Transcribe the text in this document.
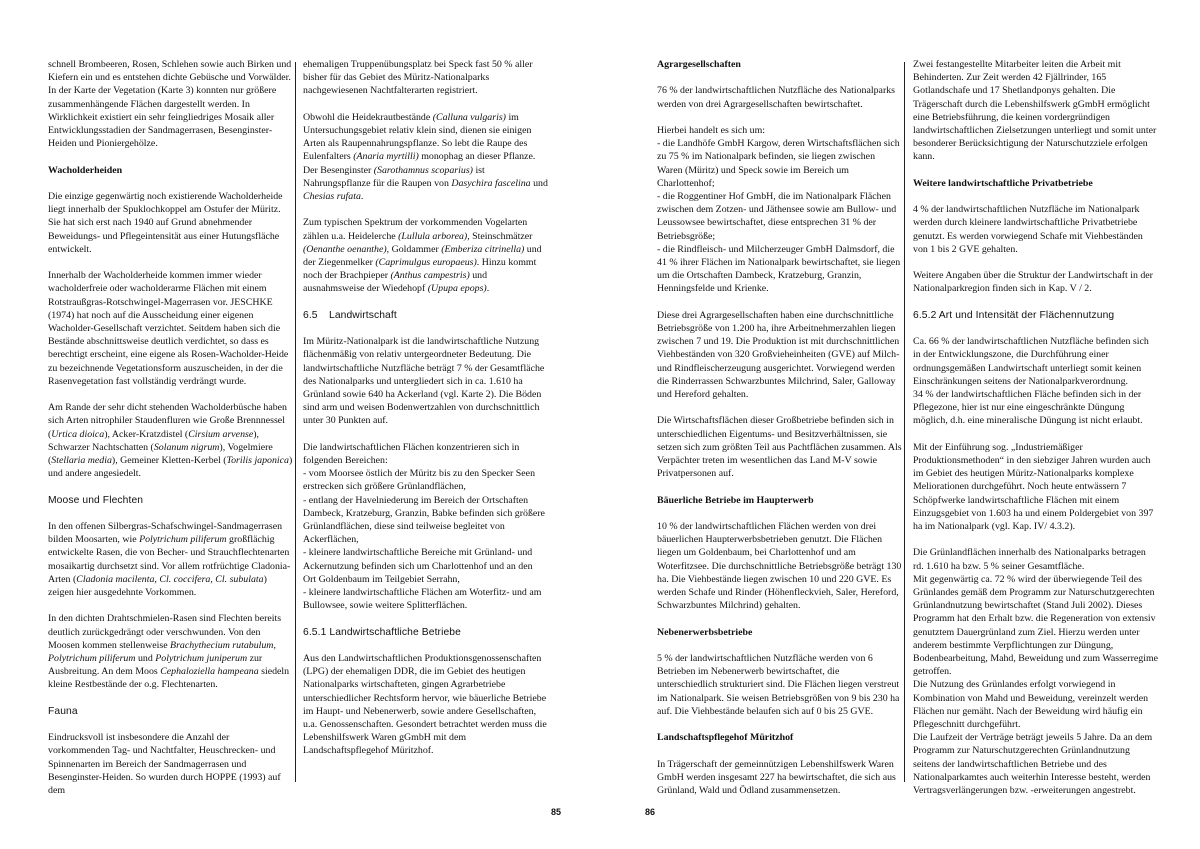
schnell Brombeeren, Rosen, Schlehen sowie auch Birken und Kiefern ein und es entstehen dichte Gebüsche und Vorwälder. In der Karte der Vegetation (Karte 3) konnten nur größere zusammenhängende Flächen dargestellt werden. In Wirklichkeit existiert ein sehr feingliedriges Mosaik aller Entwicklungsstadien der Sandmagerrasen, Besenginster-Heiden und Pioniergehölze.

Wacholderheiden

Die einzige gegenwärtig noch existierende Wacholderheide liegt innerhalb der Spuklochkoppel am Ostufer der Müritz. Sie hat sich erst nach 1940 auf Grund abnehmender Beweidungs- und Pflegeintensität aus einer Hutungsfläche entwickelt.

Innerhalb der Wacholderheide kommen immer wieder wacholderfreie oder wacholderarme Flächen mit einem Rotstraußgras-Rotschwingel-Magerrasen vor. JESCHKE (1974) hat noch auf die Ausscheidung einer eigenen Wacholder-Gesellschaft verzichtet. Seitdem haben sich die Bestände abschnittsweise deutlich verdichtet, so dass es berechtigt erscheint, eine eigene als Rosen-Wacholder-Heide zu bezeichnende Vegetationsform auszuscheiden, in der die Rasenvegetation fast vollständig verdrängt wurde.

Am Rande der sehr dicht stehenden Wacholderbüsche haben sich Arten nitrophiler Staudenfluren wie Große Brennnessel (Urtica dioica), Acker-Kratzdistel (Cirsium arvense), Schwarzer Nachtschatten (Solanum nigrum), Vogelmiere (Stellaria media), Gemeiner Kletten-Kerbel (Torilis japonica) und andere angesiedelt.

Moose und Flechten

In den offenen Silbergras-Schafschwingel-Sandmagerrasen bilden Moosarten, wie Polytrichum piliferum großflächig entwickelte Rasen, die von Becher- und Strauchflechtenarten mosaikartig durchsetzt sind. Vor allem rotfrüchtige Cladonia-Arten (Cladonia macilenta, Cl. coccifera, Cl. subulata) zeigen hier ausgedehnte Vorkommen.

In den dichten Drahtschmielen-Rasen sind Flechten bereits deutlich zurückgedrängt oder verschwunden. Von den Moosen kommen stellenweise Brachythecium rutabulum, Polytrichum piliferum und Polytrichum juniperum zur Ausbreitung. An dem Moos Cephaloziella hampeana siedeln kleine Restbestände der o.g. Flechtenarten.

Fauna

Eindrucksvoll ist insbesondere die Anzahl der vorkommenden Tag- und Nachtfalter, Heuschrecken- und Spinnenarten im Bereich der Sandmagerrasen und Besenginster-Heiden. So wurden durch HOPPE (1993) auf dem

ehemaligen Truppenübungsplatz bei Speck fast 50 % aller bisher für das Gebiet des Müritz-Nationalparks nachgewiesenen Nachtfalterarten registriert.

Obwohl die Heidekrautbestände (Calluna vulgaris) im Untersuchungsgebiet relativ klein sind, dienen sie einigen Arten als Raupennahrungspflanze. So lebt die Raupe des Eulenfalters (Anaria myrtilli) monophag an dieser Pflanze. Der Besenginster (Sarothamnus scoparius) ist Nahrungspflanze für die Raupen von Dasychira fascelina und Chesias rufata.

Zum typischen Spektrum der vorkommenden Vogelarten zählen u.a. Heidelerche (Lullula arborea), Steinschmätzer (Oenanthe oenanthe), Goldammer (Emberiza citrinella) und der Ziegenmelker (Caprimulgus europaeus). Hinzu kommt noch der Brachpieper (Anthus campestris) und ausnahmsweise der Wiedehopf (Upupa epops).

6.5 Landwirtschaft

Im Müritz-Nationalpark ist die landwirtschaftliche Nutzung flächenmäßig von relativ untergeordneter Bedeutung. Die landwirtschaftliche Nutzfläche beträgt 7 % der Gesamtfläche des Nationalparks und untergliedert sich in ca. 1.610 ha Grünland sowie 640 ha Ackerland (vgl. Karte 2). Die Böden sind arm und weisen Bodenwertzahlen von durchschnittlich unter 30 Punkten auf.

Die landwirtschaftlichen Flächen konzentrieren sich in folgenden Bereichen:
- vom Moorsee östlich der Müritz bis zu den Specker Seen erstrecken sich größere Grünlandflächen,
- entlang der Havelniederung im Bereich der Ortschaften Dambeck, Kratzeburg, Granzin, Babke befinden sich größere Grünlandflächen, diese sind teilweise begleitet von Ackerflächen,
- kleinere landwirtschaftliche Bereiche mit Grünland- und Ackernutzung befinden sich um Charlottenhof und an den Ort Goldenbaum im Teilgebiet Serrahn,
- kleinere landwirtschaftliche Flächen am Woterfitz- und am Bullowsee, sowie weitere Splitterflächen.
6.5.1 Landwirtschaftliche Betriebe

Aus den Landwirtschaftlichen Produktionsgenossenschaften (LPG) der ehemaligen DDR, die im Gebiet des heutigen Nationalparks wirtschafteten, gingen Agrarbetriebe unterschiedlicher Rechtsform hervor, wie bäuerliche Betriebe im Haupt- und Nebenerwerb, sowie andere Gesellschaften, u.a. Genossenschaften. Gesondert betrachtet werden muss die Lebenshilfswerk Waren gGmbH mit dem Landschaftspflegehof Müritzhof.

85	86
Agrargesellschaften

76 % der landwirtschaftlichen Nutzfläche des Nationalparks werden von drei Agrargesellschaften bewirtschaftet.

Hierbei handelt es sich um:
- die Landhöfe GmbH Kargow, deren Wirtschaftsflächen sich zu 75 % im Nationalpark befinden, sie liegen zwischen Waren (Müritz) und Speck sowie im Bereich um Charlottenhof;
- die Roggentiner Hof GmbH, die im Nationalpark Flächen zwischen dem Zotzen- und Jäthensee sowie am Bullow- und Leussowsee bewirtschaftet, diese entsprechen 31 % der Betriebsgröße;
- die Rindfleisch- und Milcherzeuger GmbH Dalmsdorf, die 41 % ihrer Flächen im Nationalpark bewirtschaftet, sie liegen um die Ortschaften Dambeck, Kratzeburg, Granzin, Henningsfelde und Krienke.

Diese drei Agrargesellschaften haben eine durchschnittliche Betriebsgröße von 1.200 ha, ihre Arbeitnehmerzahlen liegen zwischen 7 und 19. Die Produktion ist mit durchschnittlichen Viehbeständen von 320 Großvieheinheiten (GVE) auf Milch- und Rindfleischerzeugung ausgerichtet. Vorwiegend werden die Rinderrassen Schwarzbuntes Milchrind, Saler, Galloway und Hereford gehalten.

Die Wirtschaftsflächen dieser Großbetriebe befinden sich in unterschiedlichen Eigentums- und Besitzverhältnissen, sie setzen sich zum größten Teil aus Pachtflächen zusammen. Als Verpächter treten im wesentlichen das Land M-V sowie Privatpersonen auf.

Bäuerliche Betriebe im Haupterwerb

10 % der landwirtschaftlichen Flächen werden von drei bäuerlichen Haupterwerbsbetrieben genutzt. Die Flächen liegen um Goldenbaum, bei Charlottenhof und am Woterfitzsee. Die durchschnittliche Betriebsgröße beträgt 130 ha. Die Viehbestände liegen zwischen 10 und 220 GVE. Es werden Schafe und Rinder (Höhenfleckvieh, Saler, Hereford, Schwarzbuntes Milchrind) gehalten.

Nebenerwerbsbetriebe

5 % der landwirtschaftlichen Nutzfläche werden von 6 Betrieben im Nebenerwerb bewirtschaftet, die unterschiedlich strukturiert sind. Die Flächen liegen verstreut im Nationalpark. Sie weisen Betriebsgrößen von 9 bis 230 ha auf. Die Viehbestände belaufen sich auf 0 bis 25 GVE.

Landschaftspflegehof Müritzhof

In Trägerschaft der gemeinnützigen Lebenshilfswerk Waren GmbH werden insgesamt 227 ha bewirtschaftet, die sich aus Grünland, Wald und Ödland zusammensetzen.

Zwei festangestellte Mitarbeiter leiten die Arbeit mit Behinderten. Zur Zeit werden 42 Fjällrinder, 165 Gotlandschafe und 17 Shetlandponys gehalten. Die Trägerschaft durch die Lebenshilfswerk gGmbH ermöglicht eine Betriebsführung, die keinen vordergründigen landwirtschaftlichen Zielsetzungen unterliegt und somit unter besonderer Berücksichtigung der Naturschutzziele erfolgen kann.

Weitere landwirtschaftliche Privatbetriebe

4 % der landwirtschaftlichen Nutzfläche im Nationalpark werden durch kleinere landwirtschaftliche Privatbetriebe genutzt. Es werden vorwiegend Schafe mit Viehbeständen von 1 bis 2 GVE gehalten.

Weitere Angaben über die Struktur der Landwirtschaft in der Nationalparkregion finden sich in Kap. V / 2.

6.5.2 Art und Intensität der Flächennutzung
Ca. 66 % der landwirtschaftlichen Nutzfläche befinden sich in der Entwicklungszone, die Durchführung einer ordnungsgemäßen Landwirtschaft unterliegt somit keinen Einschränkungen seitens der Nationalparkverordnung.

34 % der landwirtschaftlichen Fläche befinden sich in der Pflegezone, hier ist nur eine eingeschränkte Düngung möglich, d.h. eine mineralische Düngung ist nicht erlaubt.

Mit der Einführung sog. „Industriemäßiger Produktionsmethoden“ in den siebziger Jahren wurden auch im Gebiet des heutigen Müritz-Nationalparks komplexe Meliorationen durchgeführt. Noch heute entwässern 7 Schöpfwerke landwirtschaftliche Flächen mit einem Einzugsgebiet von 1.603 ha und einem Poldergebiet von 397 ha im Nationalpark (vgl. Kap. IV/ 4.3.2).

Die Grünlandflächen innerhalb des Nationalparks betragen rd. 1.610 ha bzw. 5 % seiner Gesamtfläche.
Mit gegenwärtig ca. 72 % wird der überwiegende Teil des Grünlandes gemäß dem Programm zur Naturschutzgerechten Grünlandnutzung bewirtschaftet (Stand Juli 2002). Dieses Programm hat den Erhalt bzw. die Regeneration von extensiv genutztem Dauergrünland zum Ziel. Hierzu werden unter anderem bestimmte Verpflichtungen zur Düngung, Bodenbearbeitung, Mahd, Beweidung und zum Wasserregime getroffen.
Die Nutzung des Grünlandes erfolgt vorwiegend in Kombination von Mahd und Beweidung, vereinzelt werden Flächen nur gemäht. Nach der Beweidung wird häufig ein Pflegeschnitt durchgeführt.
Die Laufzeit der Verträge beträgt jeweils 5 Jahre. Da an dem Programm zur Naturschutzgerechten Grünlandnutzung seitens der landwirtschaftlichen Betriebe und des Nationalparkamtes auch weiterhin Interesse besteht, werden Vertragsverlängerungen bzw. -erweiterungen angestrebt.
